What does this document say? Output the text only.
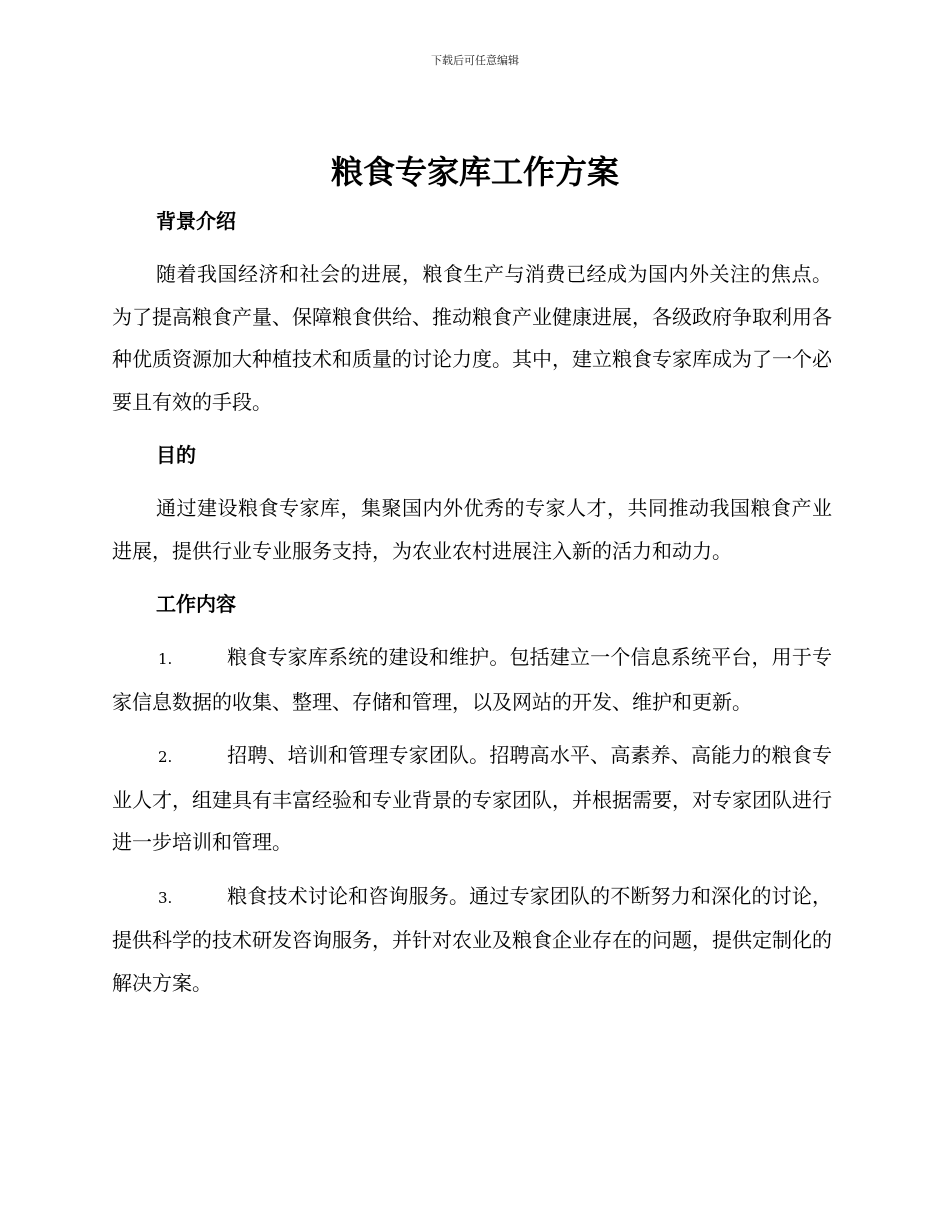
下载后可任意编辑
粮食专家库工作方案
背景介绍

随着我国经济和社会的进展，粮食生产与消费已经成为国内外关注的焦点。为了提高粮食产量、保障粮食供给、推动粮食产业健康进展，各级政府争取利用各种优质资源加大种植技术和质量的讨论力度。其中，建立粮食专家库成为了一个必要且有效的手段。

目的

通过建设粮食专家库，集聚国内外优秀的专家人才，共同推动我国粮食产业进展，提供行业专业服务支持，为农业农村进展注入新的活力和动力。

工作内容

1.	粮食专家库系统的建设和维护。包括建立一个信息系统平台，用于专家信息数据的收集、整理、存储和管理，以及网站的开发、维护和更新。

2.	招聘、培训和管理专家团队。招聘高水平、高素养、高能力的粮食专业人才，组建具有丰富经验和专业背景的专家团队，并根据需要，对专家团队进行进一步培训和管理。

3.	粮食技术讨论和咨询服务。通过专家团队的不断努力和深化的讨论，提供科学的技术研发咨询服务，并针对农业及粮食企业存在的问题，提供定制化的解决方案。
